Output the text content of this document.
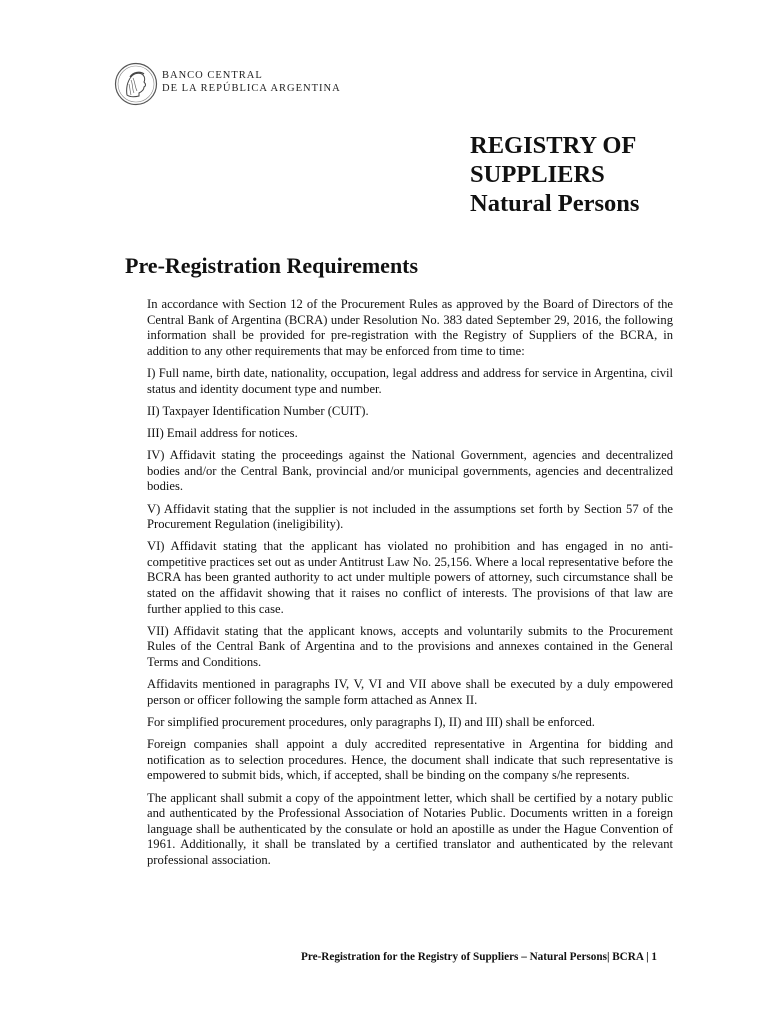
BANCO CENTRAL
DE LA REPÚBLICA ARGENTINA
REGISTRY OF
SUPPLIERS
Natural Persons
Pre-Registration Requirements

In accordance with Section 12 of the Procurement Rules as approved by the Board of Directors of the Central Bank of Argentina (BCRA) under Resolution No. 383 dated September 29, 2016, the following information shall be provided for pre-registration with the Registry of Suppliers of the BCRA, in addition to any other requirements that may be enforced from time to time:

I) Full name, birth date, nationality, occupation, legal address and address for service in Argentina, civil status and identity document type and number.

II) Taxpayer Identification Number (CUIT).

III) Email address for notices.

IV) Affidavit stating the proceedings against the National Government, agencies and decentralized bodies and/or the Central Bank, provincial and/or municipal governments, agencies and decentralized bodies.

V) Affidavit stating that the supplier is not included in the assumptions set forth by Section 57 of the Procurement Regulation (ineligibility).

VI) Affidavit stating that the applicant has violated no prohibition and has engaged in no anti-competitive practices set out as under Antitrust Law No. 25,156. Where a local representative before the BCRA has been granted authority to act under multiple powers of attorney, such circumstance shall be stated on the affidavit showing that it raises no conflict of interests. The provisions of that law are further applied to this case.

VII) Affidavit stating that the applicant knows, accepts and voluntarily submits to the Procurement Rules of the Central Bank of Argentina and to the provisions and annexes contained in the General Terms and Conditions.

Affidavits mentioned in paragraphs IV, V, VI and VII above shall be executed by a duly empowered person or officer following the sample form attached as Annex II.

For simplified procurement procedures, only paragraphs I), II) and III) shall be enforced.

Foreign companies shall appoint a duly accredited representative in Argentina for bidding and notification as to selection procedures. Hence, the document shall indicate that such representative is empowered to submit bids, which, if accepted, shall be binding on the company s/he represents.

The applicant shall submit a copy of the appointment letter, which shall be certified by a notary public and authenticated by the Professional Association of Notaries Public. Documents written in a foreign language shall be authenticated by the consulate or hold an apostille as under the Hague Convention of 1961. Additionally, it shall be translated by a certified translator and authenticated by the relevant professional association.

Pre-Registration for the Registry of Suppliers – Natural Persons| BCRA | 1
